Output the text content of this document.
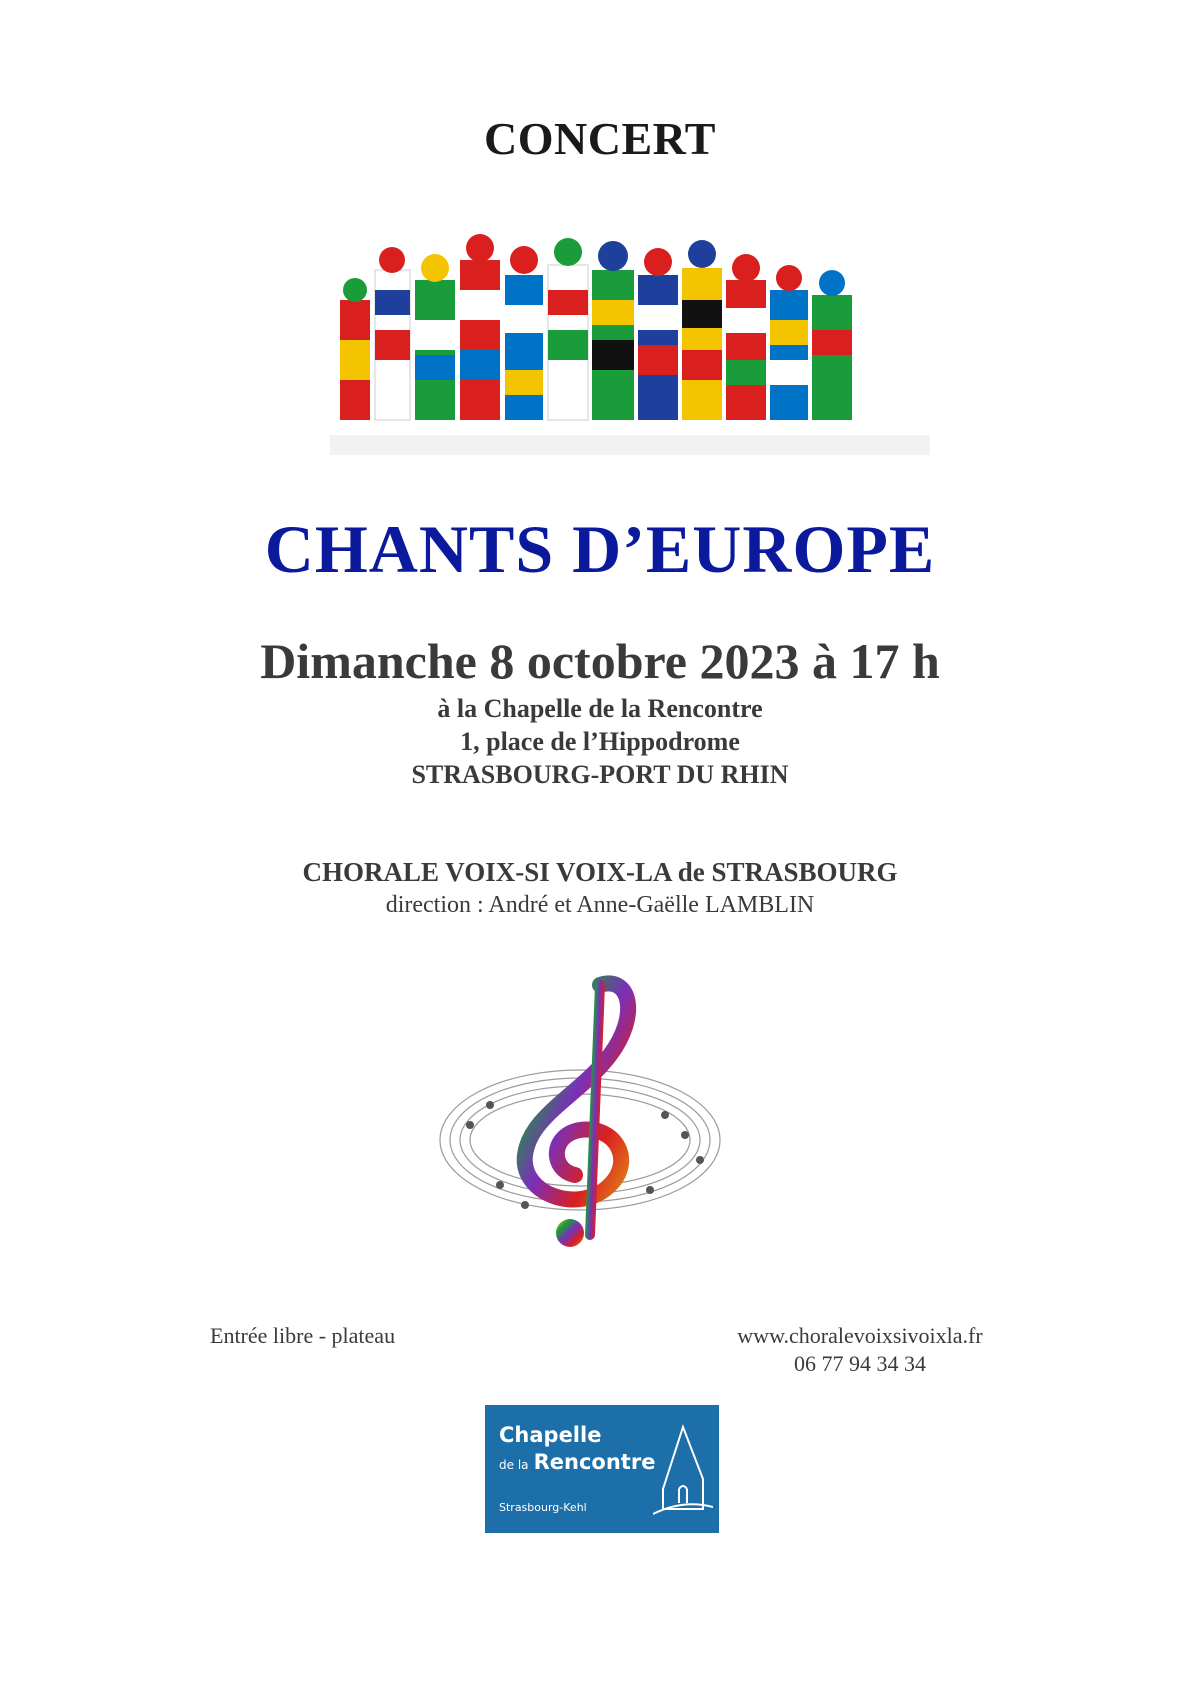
CONCERT
CHANTS D’EUROPE

Dimanche 8 octobre 2023 à 17 h

à la Chapelle de la Rencontre

1, place de l’Hippodrome

STRASBOURG-PORT DU RHIN

CHORALE VOIX-SI VOIX-LA de STRASBOURG

direction : André et Anne-Gaëlle LAMBLIN

Entrée libre - plateau	www.choralevoixsivoixla.fr

06 77 94 34 34

Chapelle

de la Rencontre

Strasbourg-Kehl
